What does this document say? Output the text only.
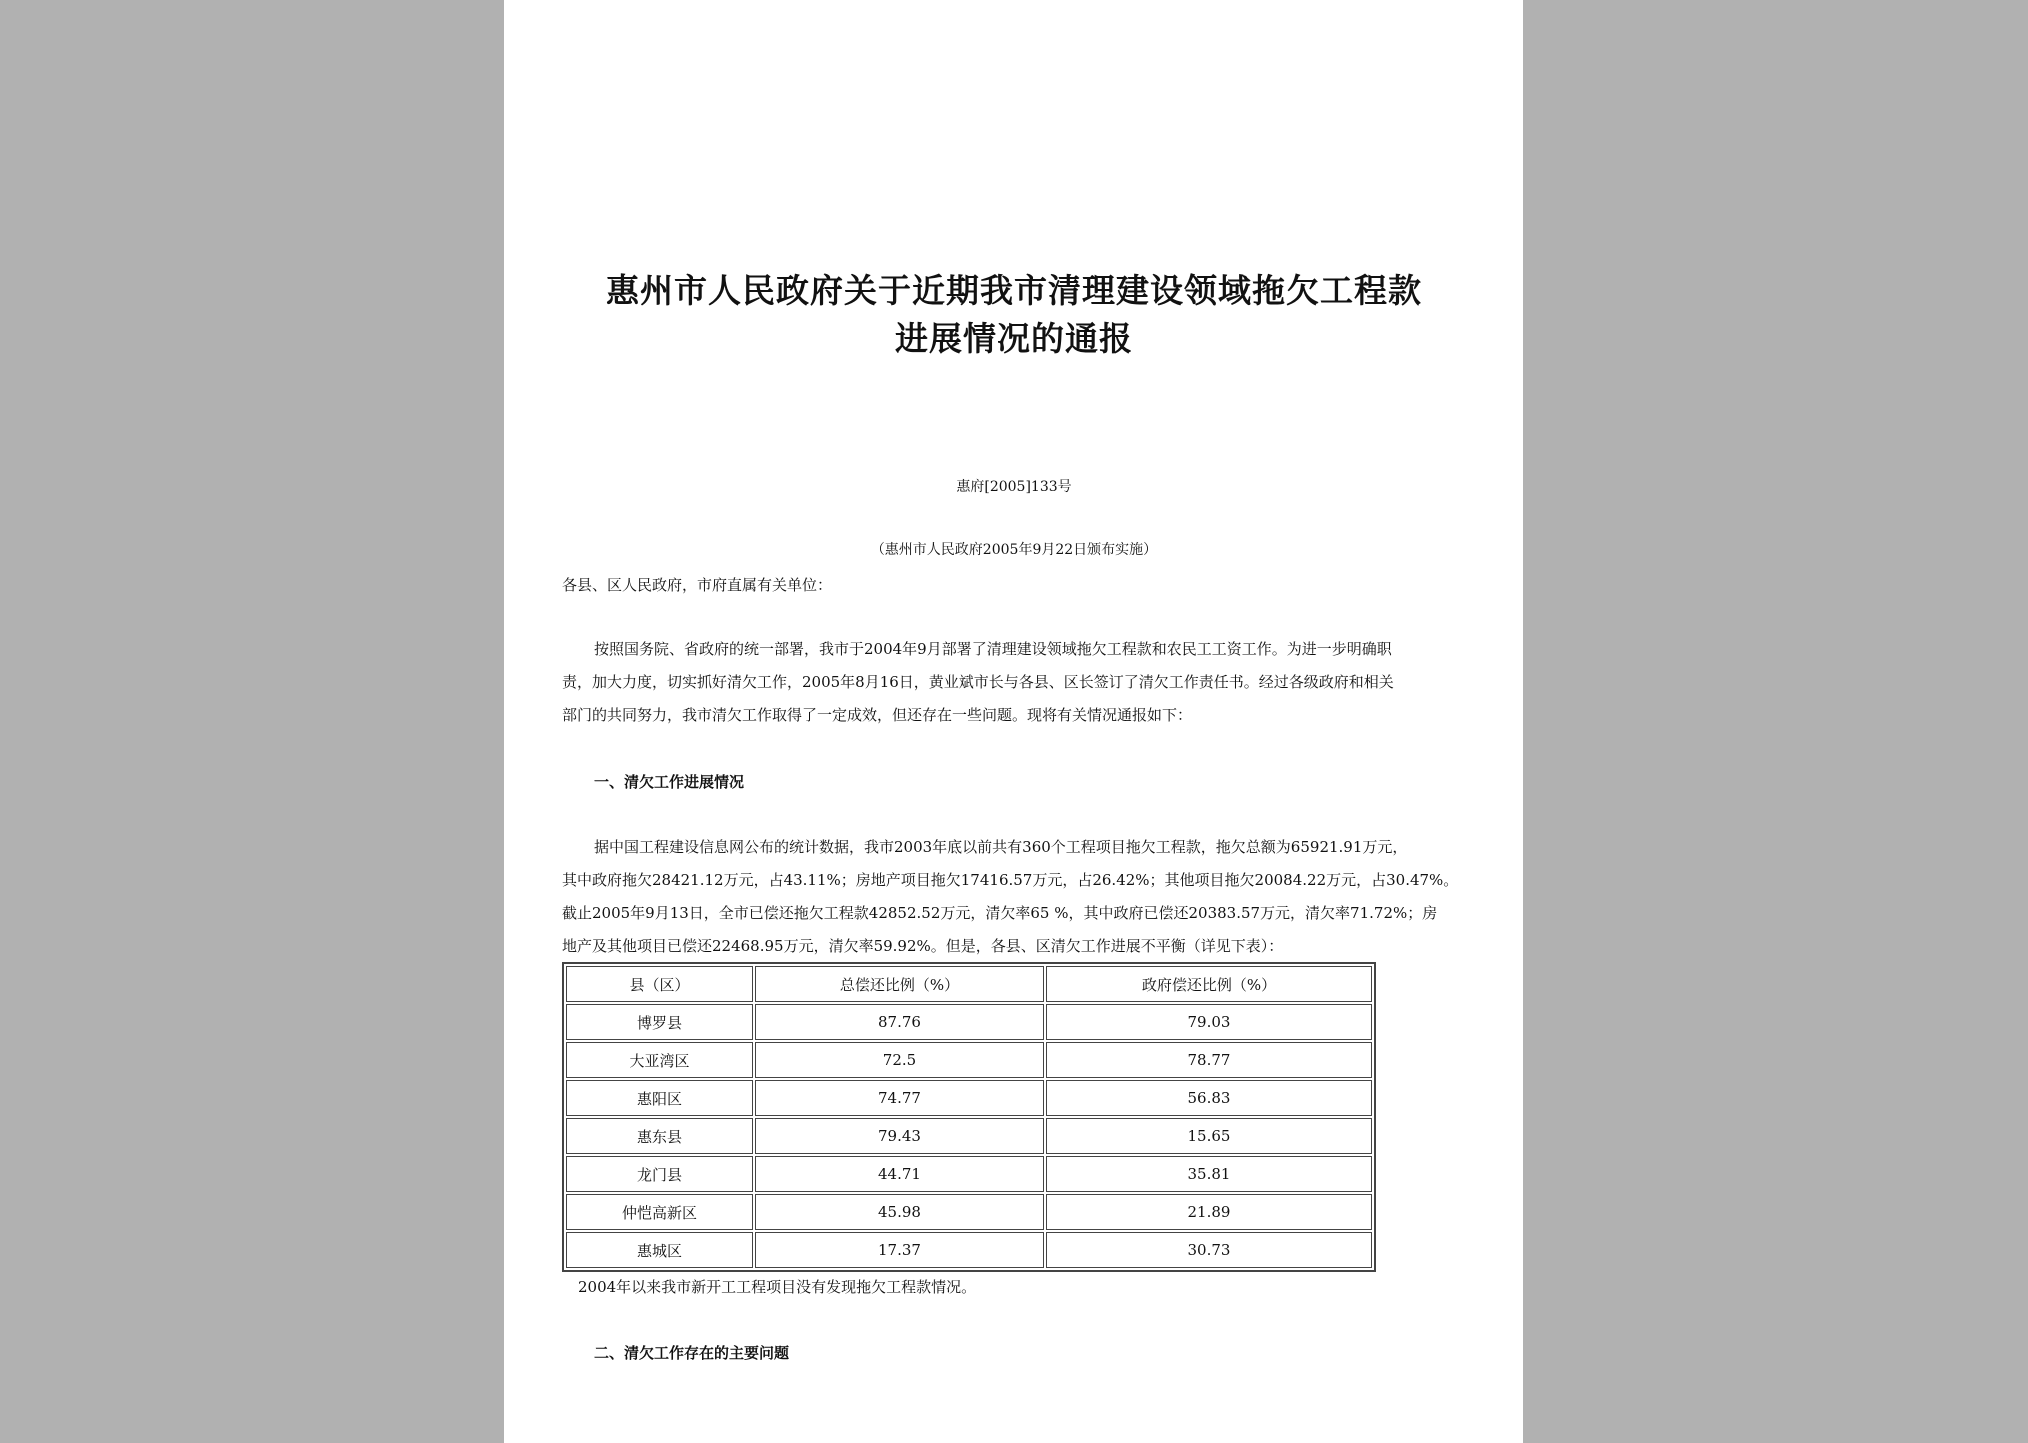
惠州市人民政府关于近期我市清理建设领域拖欠工程款
进展情况的通报
惠府[2005]133号
（惠州市人民政府2005年9月22日颁布实施）
各县、区人民政府，市府直属有关单位：
按照国务院、省政府的统一部署，我市于2004年9月部署了清理建设领域拖欠工程款和农民工工资工作。为进一步明确职
责，加大力度，切实抓好清欠工作，2005年8月16日，黄业斌市长与各县、区长签订了清欠工作责任书。经过各级政府和相关
部门的共同努力，我市清欠工作取得了一定成效，但还存在一些问题。现将有关情况通报如下：
一、清欠工作进展情况
据中国工程建设信息网公布的统计数据，我市2003年底以前共有360个工程项目拖欠工程款，拖欠总额为65921.91万元，
其中政府拖欠28421.12万元，占43.11%；房地产项目拖欠17416.57万元，占26.42%；其他项目拖欠20084.22万元，占30.47%。
截止2005年9月13日，全市已偿还拖欠工程款42852.52万元，清欠率65 %，其中政府已偿还20383.57万元，清欠率71.72%；房
地产及其他项目已偿还22468.95万元，清欠率59.92%。但是，各县、区清欠工作进展不平衡（详见下表）：
县（区）	总偿还比例（%）	政府偿还比例（%）
博罗县	87.76	79.03
大亚湾区	72.5	78.77
惠阳区	74.77	56.83
惠东县	79.43	15.65
龙门县	44.71	35.81
仲恺高新区	45.98	21.89
惠城区	17.37	30.73
2004年以来我市新开工工程项目没有发现拖欠工程款情况。
二、清欠工作存在的主要问题
